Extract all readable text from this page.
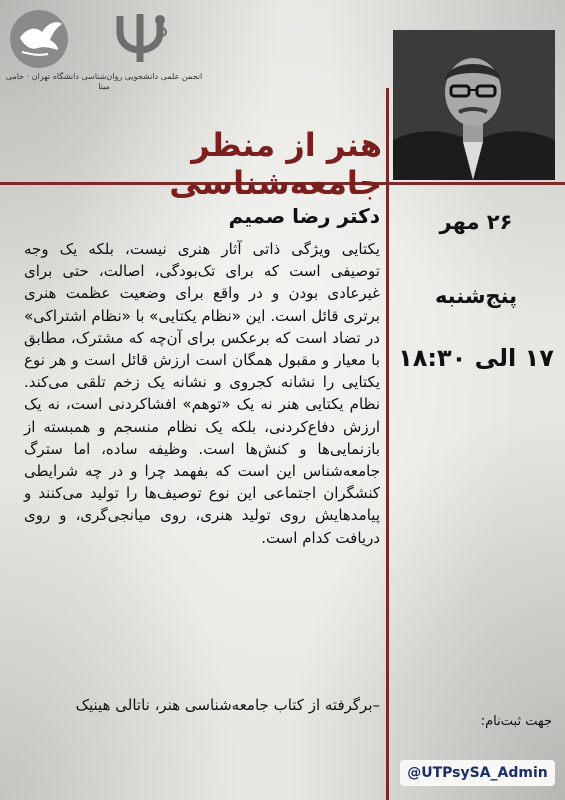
انجمن علمی دانشجویی روان‌شناسی دانشگاه تهران · حامی مینا
هنر از منظر جامعه‌شناسی
دکتر رضا صمیم
یکتایی ویژگی ذاتی آثار هنری نیست، بلکه یک وجه توصیفی است که برای تک‌بودگی، اصالت، حتی برای غیرعادی بودن و در واقع برای وضعیت عظمت هنری برتری قائل است. این «نظام یکتایی» با «نظام اشتراکی» در تضاد است که برعکس برای آن‌چه که مشترک، مطابق با معیار و مقبول همگان است ارزش قائل است و هر نوع یکتایی را نشانه کجروی و نشانه یک زخم تلقی می‌کند. نظام یکتایی هنر نه یک «توهم» افشاکردنی است، نه یک ارزش دفاع‌کردنی، بلکه یک نظام منسجم و همبسته از بازنمایی‌ها و کنش‌ها است. وظیفه ساده، اما سترگ جامعه‌شناس این است که بفهمد چرا و در چه شرایطی کنشگران اجتماعی این نوع توصیف‌ها را تولید می‌کنند و پیامدهایش روی تولید هنری، روی میانجی‌گری، و روی دریافت کدام است.
–برگرفته از کتاب جامعه‌شناسی هنر، ناتالی هینیک
۲۶ مهر
پنج‌شنبه
۱۷ الی ۱۸:۳۰
جهت ثبت‌نام:
@UTPsySA_Admin
